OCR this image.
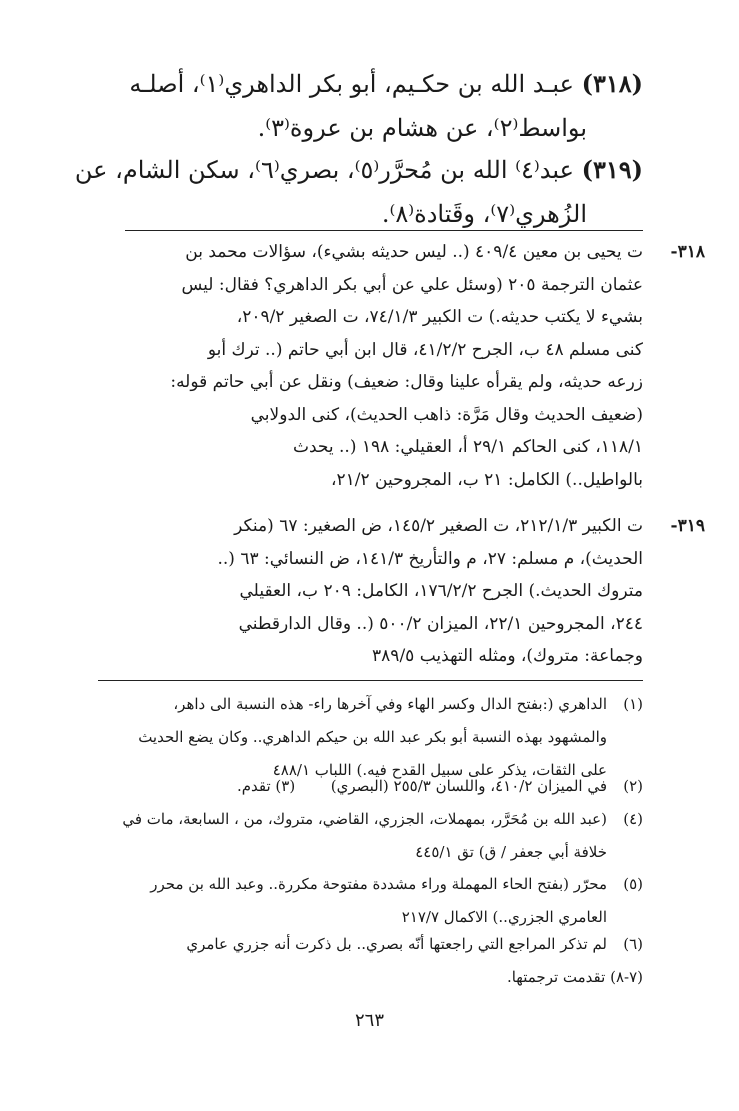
(٣١٨) عبـد الله بن حكـيم، أبو بكر الداهري⁽١⁾، أصلـه
بواسط⁽٢⁾، عن هشام بن عروة⁽٣⁾.
(٣١٩) عبد⁽٤⁾ الله بن مُحرَّر⁽٥⁾، بصري⁽٦⁾، سكن الشام، عن
الزُهري⁽٧⁾، وقَتادة⁽٨⁾.
٣١٨-
ت يحيى بن معين ٤٠٩/٤ (.. ليس حديثه بشيء)، سؤالات محمد بن
عثمان الترجمة ٢٠٥ (وسئل علي عن أبي بكر الداهري؟ فقال: ليس
بشيء لا يكتب حديثه.) ت الكبير ٧٤/١/٣، ت الصغير ٢٠٩/٢،
كنى مسلم ٤٨ ب، الجرح ٤١/٢/٢، قال ابن أبي حاتم (.. ترك أبو
زرعه حديثه، ولم يقرأه علينا وقال: ضعيف) ونقل عن أبي حاتم قوله:
(ضعيف الحديث وقال مَرَّة: ذاهب الحديث)، كنى الدولابي
١١٨/١، كنى الحاكم ٢٩/١ أ، العقيلي: ١٩٨ (.. يحدث
بالواطيل..) الكامل: ٢١ ب، المجروحين ٢١/٢،
٣١٩-
ت الكبير ٢١٢/١/٣، ت الصغير ١٤٥/٢، ض الصغير: ٦٧ (منكر
الحديث)، م مسلم: ٢٧، م والتأريخ ١٤١/٣، ض النسائي: ٦٣ (..
متروك الحديث.) الجرح ١٧٦/٢/٢، الكامل: ٢٠٩ ب، العقيلي
٢٤٤، المجروحين ٢٢/١، الميزان ٥٠٠/٢ (.. وقال الدارقطني
وجماعة: متروك)، ومثله التهذيب ٣٨٩/٥
(١)الداهري (:بفتح الدال وكسر الهاء وفي آخرها راء- هذه النسبة الى داهر،
والمشهود بهذه النسبة أبو بكر عبد الله بن حيكم الداهري.. وكان يضع الحديث
على الثقات، يذكر على سبيل القدح فيه.) اللباب ٤٨٨/١
(٢)في الميزان ٤١٠/٢، واللسان ٢٥٥/٣ (البصري)  (٣) تقدم.
(٤)(عبد الله بن مُحَرَّر، بمهملات، الجزري، القاضي، متروك، من ، السابعة، مات في
خلافة أبي جعفر / ق) تق ٤٤٥/١
(٥)محرّر (بفتح الحاء المهملة وراء مشددة مفتوحة مكررة.. وعبد الله بن محرر
العامري الجزري..) الاكمال ٢١٧/٧
(٦)لم تذكر المراجع التي راجعتها أنّه بصري.. بل ذكرت أنه جزري عامري
(٧-٨) تقدمت ترجمتها.
٢٦٣
